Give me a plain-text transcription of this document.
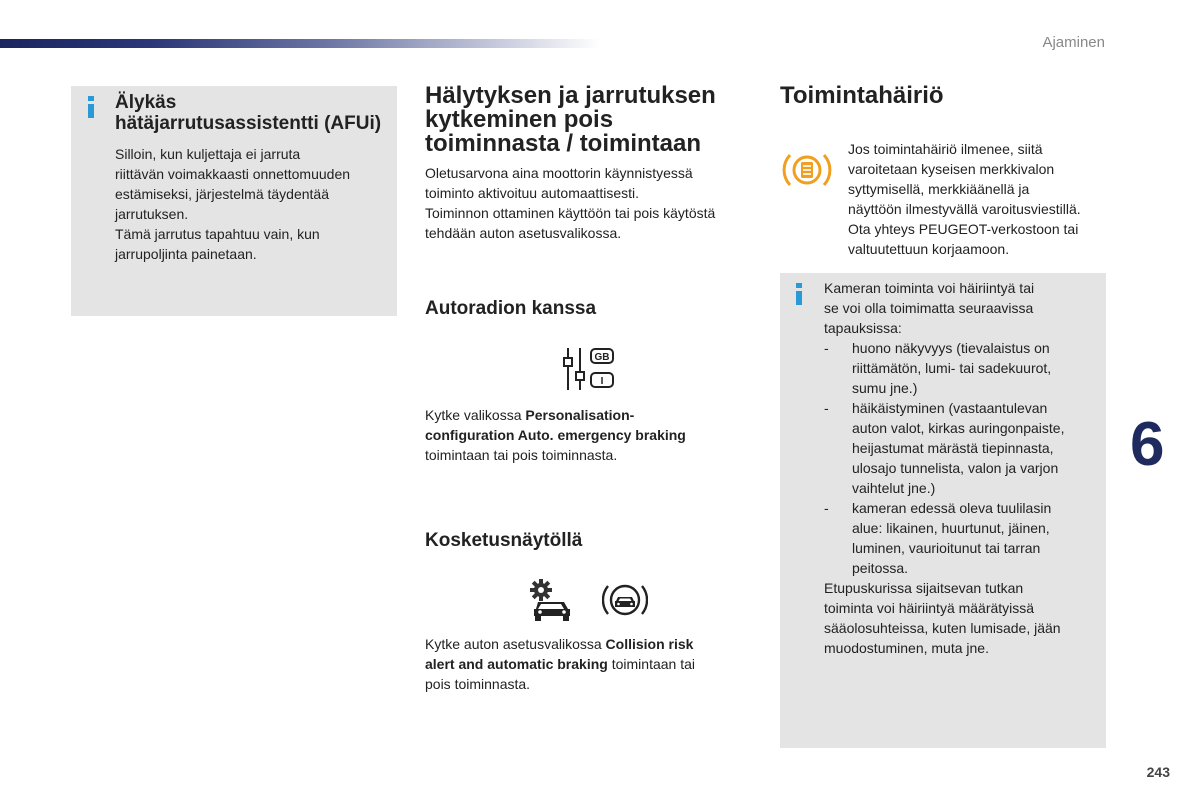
Ajaminen
Älykäs
hätäjarrutusassistentti (AFUi)
Silloin, kun kuljettaja ei jarruta
riittävän voimakkaasti onnettomuuden
estämiseksi, järjestelmä täydentää
jarrutuksen.
Tämä jarrutus tapahtuu vain, kun
jarrupoljinta painetaan.
Hälytyksen ja jarrutuksen
kytkeminen pois
toiminnasta / toimintaan
Oletusarvona aina moottorin käynnistyessä
toiminto aktivoituu automaattisesti.
Toiminnon ottaminen käyttöön tai pois käytöstä
tehdään auton asetusvalikossa.
Autoradion kanssa
GB
I
Kytke valikossa Personalisation-
configuration Auto. emergency braking
toimintaan tai pois toiminnasta.
Kosketusnäytöllä
Kytke auton asetusvalikossa Collision risk
alert and automatic braking toimintaan tai
pois toiminnasta.
Toimintahäiriö
Jos toimintahäiriö ilmenee, siitä
varoitetaan kyseisen merkkivalon
syttymisellä, merkkiäänellä ja
näyttöön ilmestyvällä varoitusviestillä.
Ota yhteys PEUGEOT-verkostoon tai
valtuutettuun korjaamoon.
Kameran toiminta voi häiriintyä tai
se voi olla toimimatta seuraavissa
tapauksissa:
-	huono näkyvyys (tievalaistus on
riittämätön, lumi- tai sadekuurot,
sumu jne.)
-	häikäistyminen (vastaantulevan
auton valot, kirkas auringonpaiste,
heijastumat märästä tiepinnasta,
ulosajo tunnelista, valon ja varjon
vaihtelut jne.)
-	kameran edessä oleva tuulilasin
alue: likainen, huurtunut, jäinen,
luminen, vaurioitunut tai tarran
peitossa.
Etupuskurissa sijaitsevan tutkan
toiminta voi häiriintyä määrätyissä
sääolosuhteissa, kuten lumisade, jään
muodostuminen, muta jne.
6
243
